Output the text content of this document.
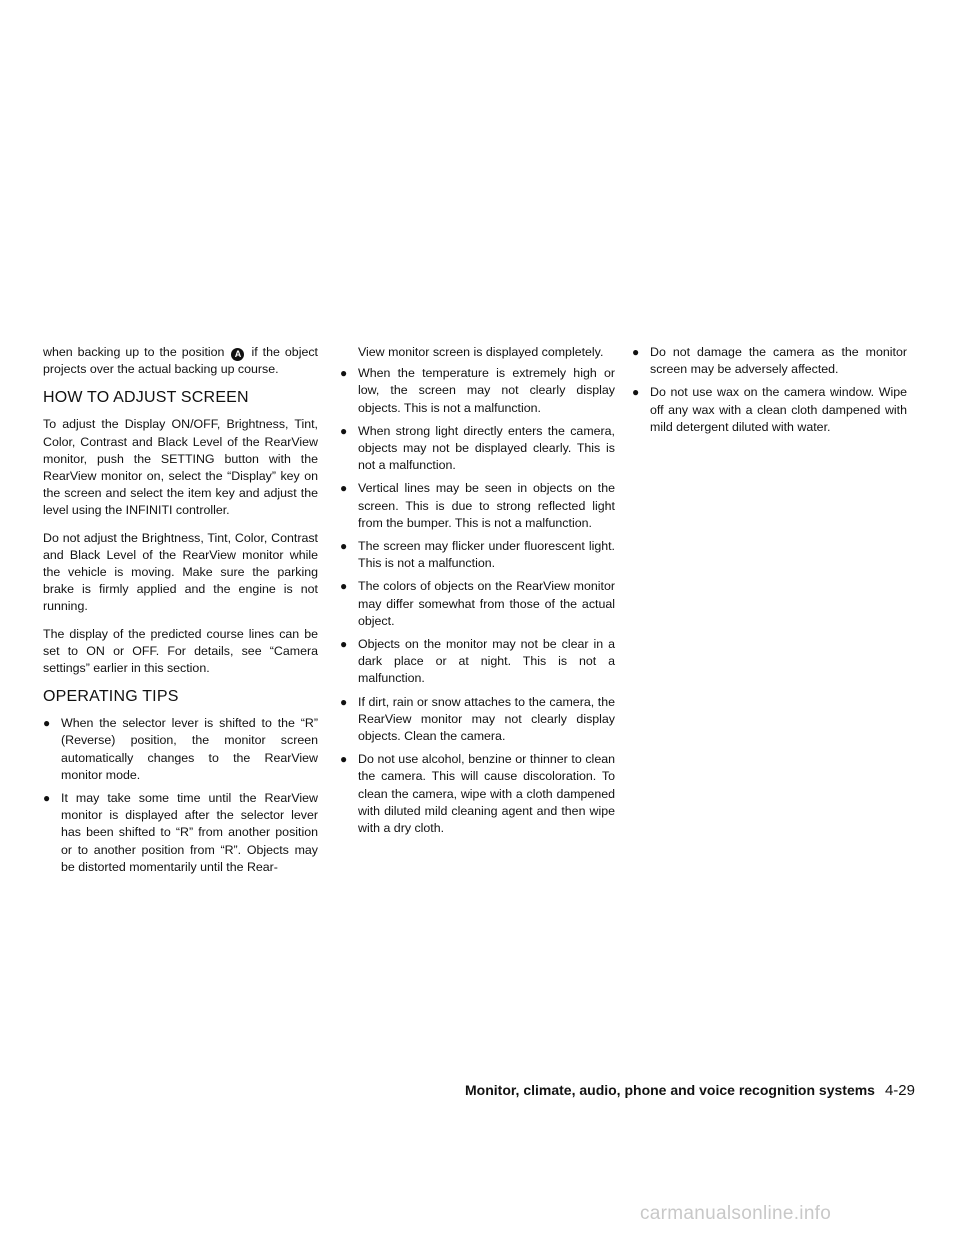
when backing up to the position A if the object projects over the actual backing up course.

HOW TO ADJUST SCREEN

To adjust the Display ON/OFF, Brightness, Tint, Color, Contrast and Black Level of the RearView monitor, push the SETTING button with the RearView monitor on, select the “Display” key on the screen and select the item key and adjust the level using the INFINITI controller.

Do not adjust the Brightness, Tint, Color, Contrast and Black Level of the RearView monitor while the vehicle is moving. Make sure the parking brake is firmly applied and the engine is not running.

The display of the predicted course lines can be set to ON or OFF. For details, see “Camera settings” earlier in this section.

OPERATING TIPS
● When the selector lever is shifted to the “R” (Reverse) position, the monitor screen automatically changes to the RearView monitor mode.
● It may take some time until the RearView monitor is displayed after the selector lever has been shifted to “R” from another position or to another position from “R”. Objects may be distorted momentarily until the Rear-

View monitor screen is displayed completely.

● When the temperature is extremely high or low, the screen may not clearly display objects. This is not a malfunction.
● When strong light directly enters the camera, objects may not be displayed clearly. This is not a malfunction.
● Vertical lines may be seen in objects on the screen. This is due to strong reflected light from the bumper. This is not a malfunction.
● The screen may flicker under fluorescent light. This is not a malfunction.
● The colors of objects on the RearView monitor may differ somewhat from those of the actual object.
● Objects on the monitor may not be clear in a dark place or at night. This is not a malfunction.
● If dirt, rain or snow attaches to the camera, the RearView monitor may not clearly display objects. Clean the camera.
● Do not use alcohol, benzine or thinner to clean the camera. This will cause discoloration. To clean the camera, wipe with a cloth dampened with diluted mild cleaning agent and then wipe with a dry cloth.
● Do not damage the camera as the monitor screen may be adversely affected.
● Do not use wax on the camera window. Wipe off any wax with a clean cloth dampened with mild detergent diluted with water.
Monitor, climate, audio, phone and voice recognition systems 4-29
carmanualsonline.info
